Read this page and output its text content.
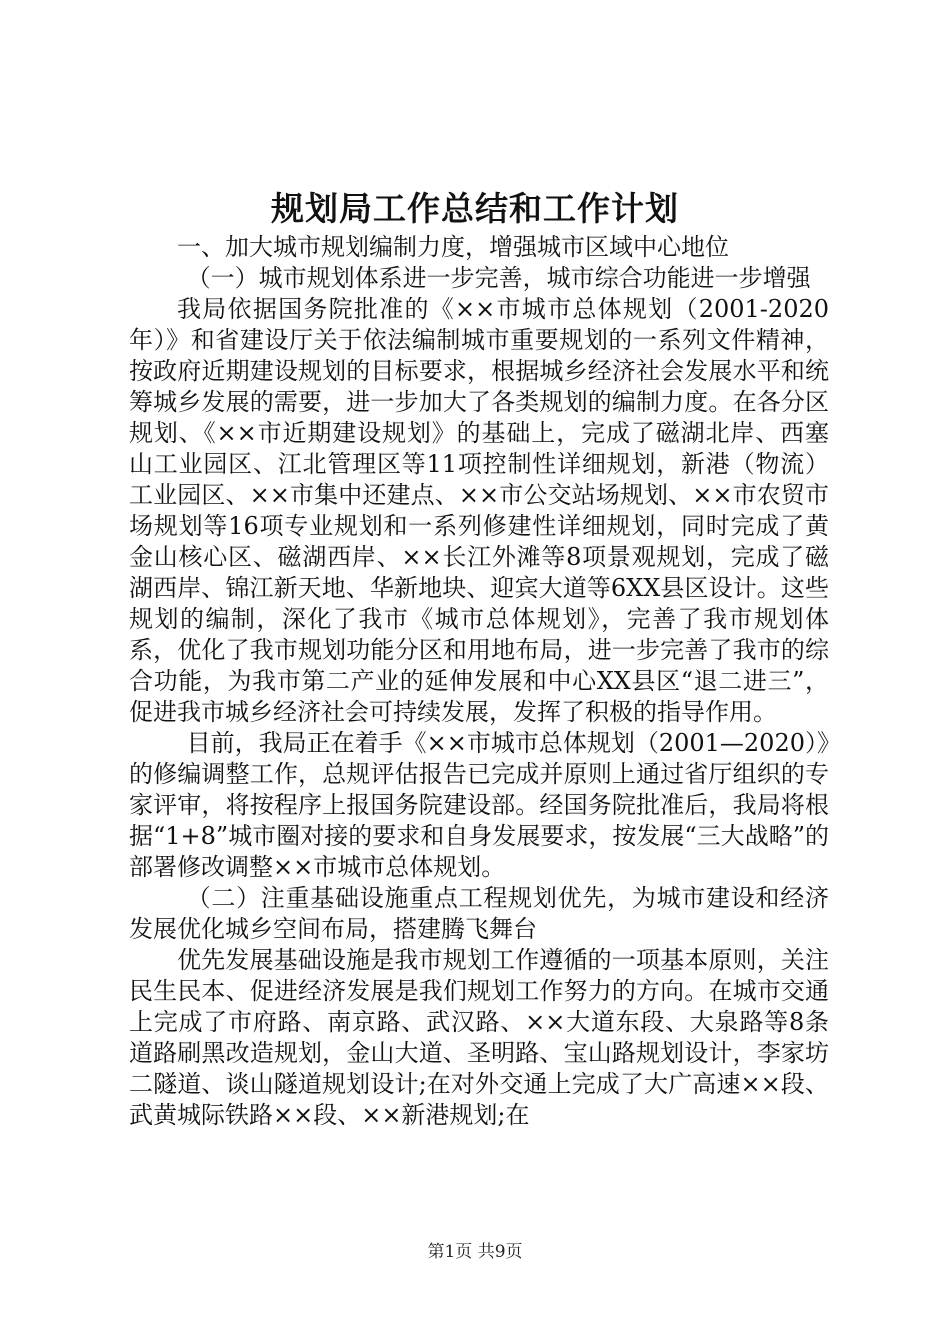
规划局工作总结和工作计划

一、加大城市规划编制力度，增强城市区域中心地位

（一）城市规划体系进一步完善，城市综合功能进一步增强

我局依据国务院批准的《××市城市总体规划（2001-2020年）》和省建设厅关于依法编制城市重要规划的一系列文件精神，按政府近期建设规划的目标要求，根据城乡经济社会发展水平和统筹城乡发展的需要，进一步加大了各类规划的编制力度。在各分区规划、《××市近期建设规划》的基础上，完成了磁湖北岸、西塞山工业园区、江北管理区等11项控制性详细规划，新港（物流）工业园区、××市集中还建点、××市公交站场规划、××市农贸市场规划等16项专业规划和一系列修建性详细规划，同时完成了黄金山核心区、磁湖西岸、××长江外滩等8项景观规划，完成了磁湖西岸、锦江新天地、华新地块、迎宾大道等6XX县区设计。这些规划的编制，深化了我市《城市总体规划》，完善了我市规划体系，优化了我市规划功能分区和用地布局，进一步完善了我市的综合功能，为我市第二产业的延伸发展和中心XX县区“退二进三”，促进我市城乡经济社会可持续发展，发挥了积极的指导作用。

目前，我局正在着手《××市城市总体规划（2001—2020）》的修编调整工作，总规评估报告已完成并原则上通过省厅组织的专家评审，将按程序上报国务院建设部。经国务院批准后，我局将根据“1+8”城市圈对接的要求和自身发展要求，按发展“三大战略”的部署修改调整××市城市总体规划。

（二）注重基础设施重点工程规划优先，为城市建设和经济发展优化城乡空间布局，搭建腾飞舞台

优先发展基础设施是我市规划工作遵循的一项基本原则，关注民生民本、促进经济发展是我们规划工作努力的方向。在城市交通上完成了市府路、南京路、武汉路、××大道东段、大泉路等8条道路刷黑改造规划，金山大道、圣明路、宝山路规划设计，李家坊二隧道、谈山隧道规划设计;在对外交通上完成了大广高速××段、武黄城际铁路××段、××新港规划;在

第1页 共9页
